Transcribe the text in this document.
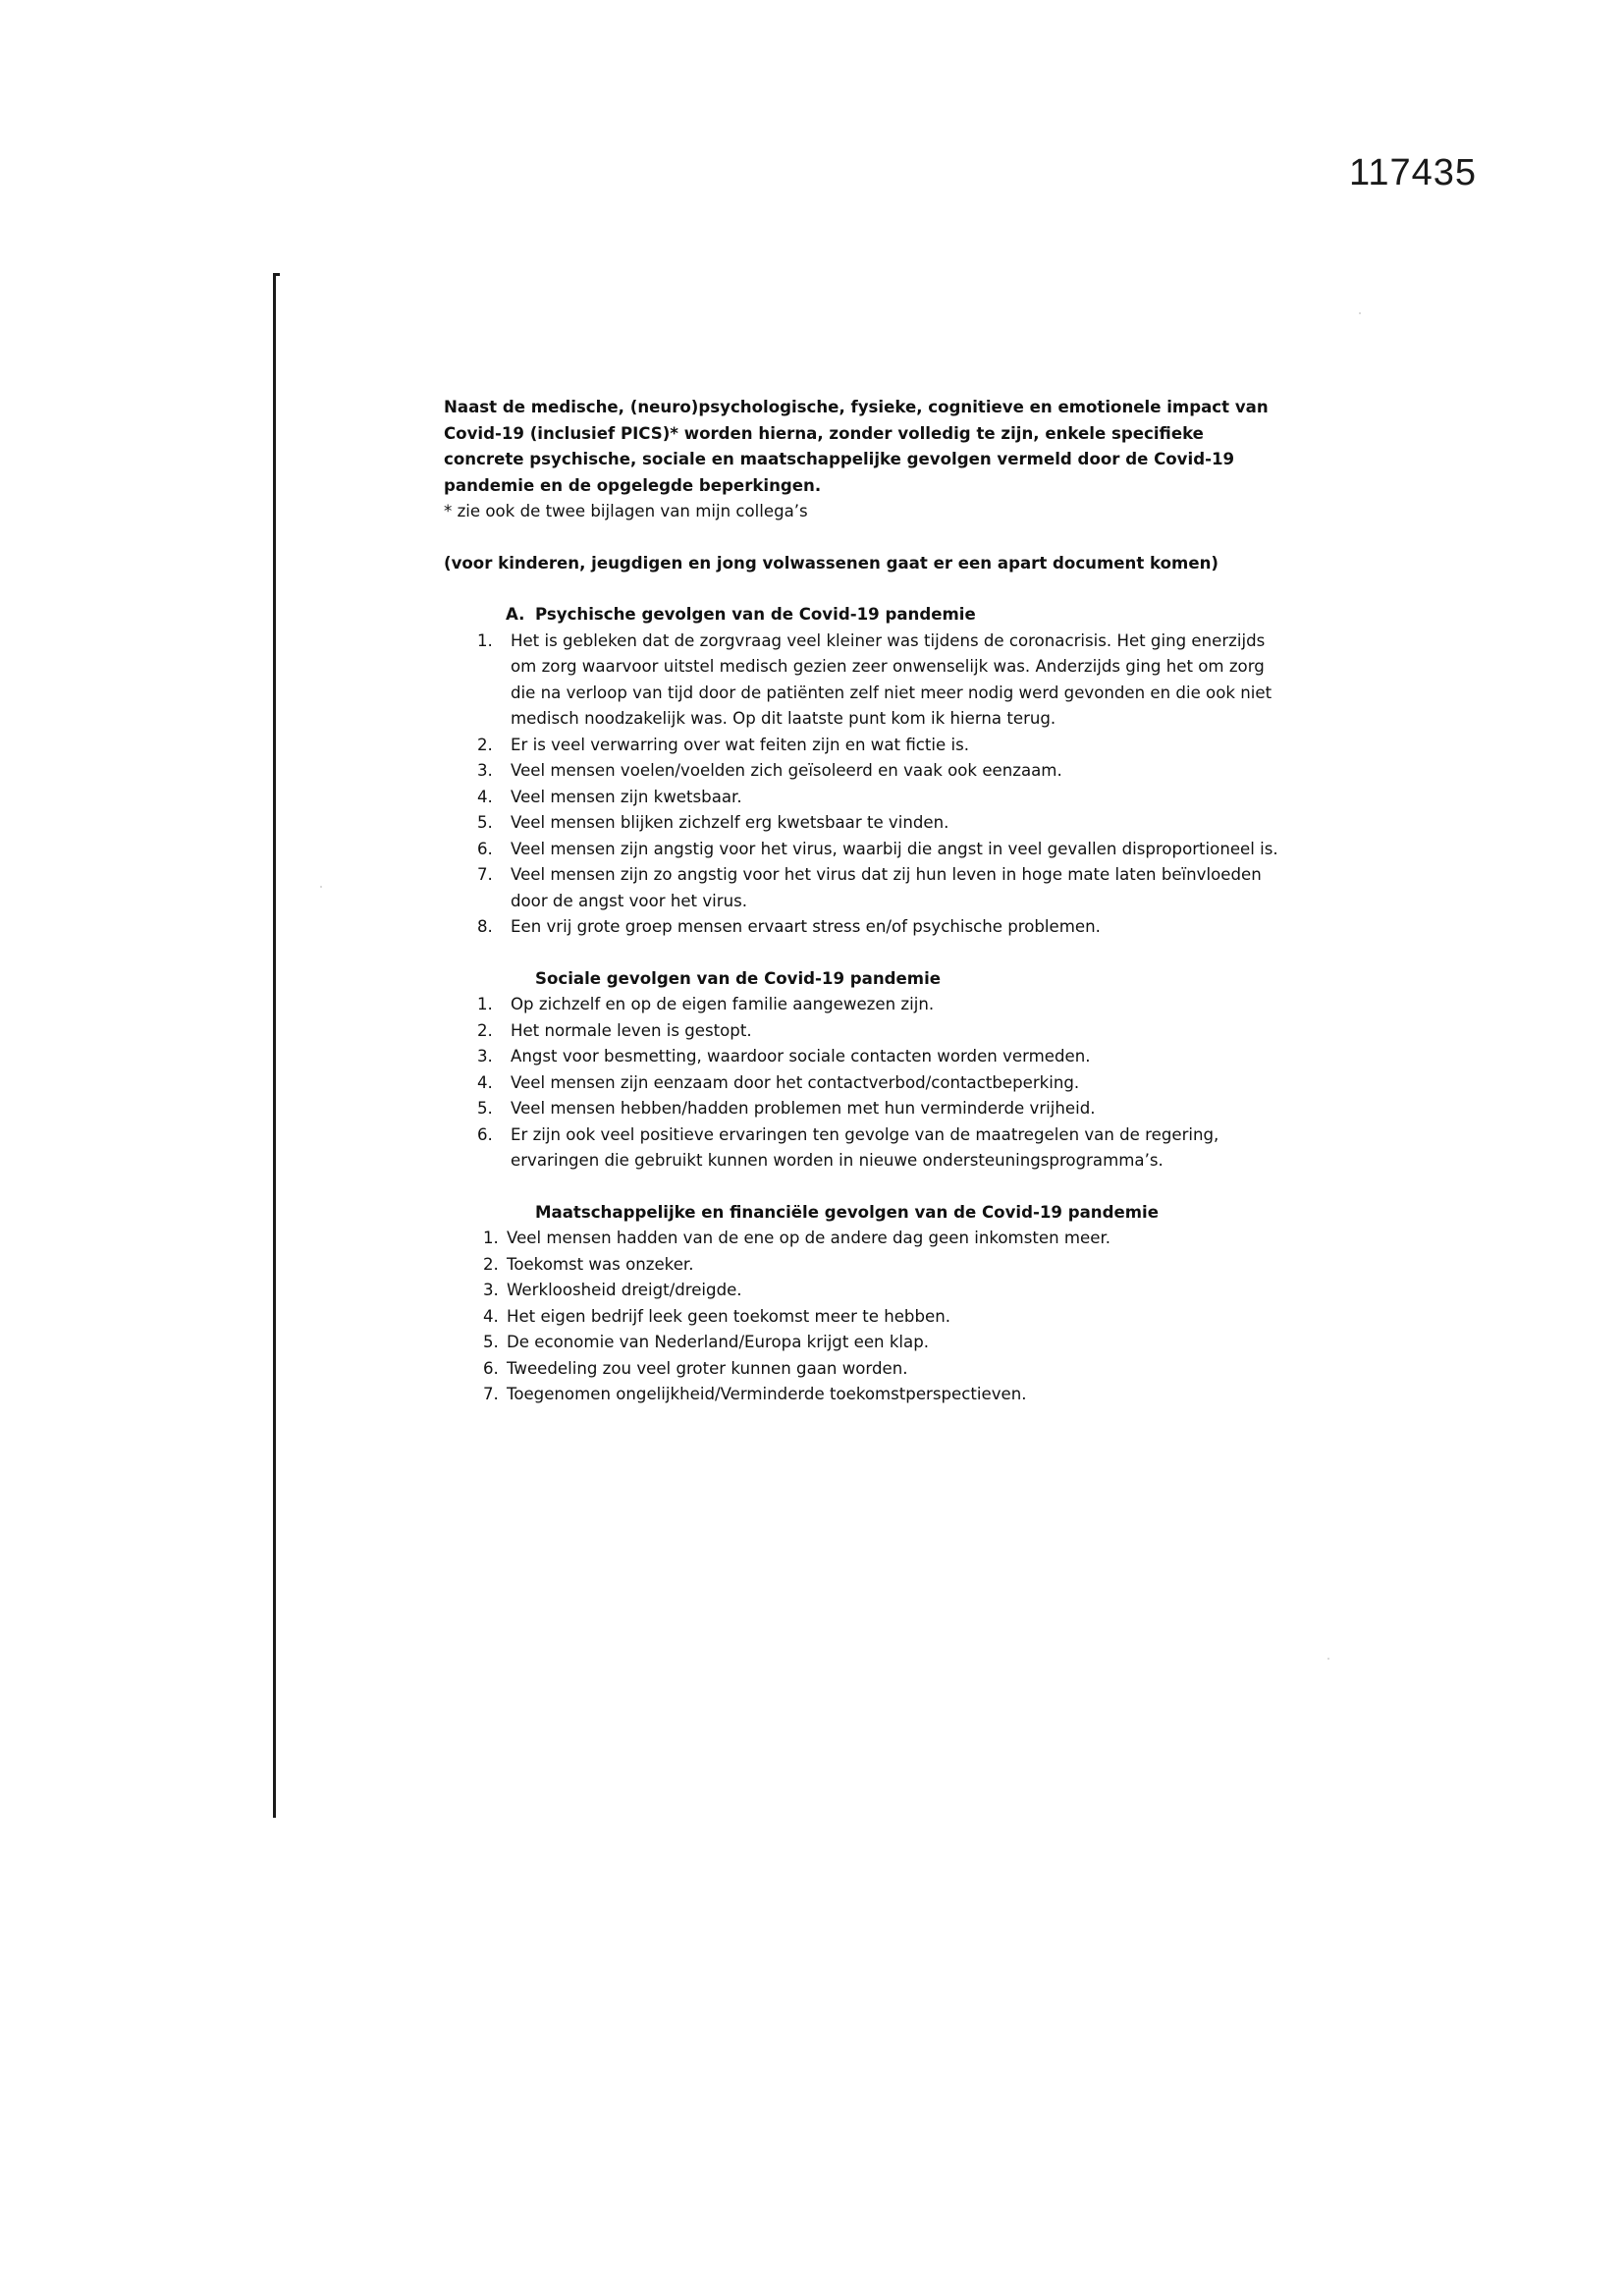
117435

Naast de medische, (neuro)psychologische, fysieke, cognitieve en emotionele impact van Covid-19 (inclusief PICS)* worden hierna, zonder volledig te zijn, enkele specifieke concrete psychische, sociale en maatschappelijke gevolgen vermeld door de Covid-19 pandemie en de opgelegde beperkingen.

* zie ook de twee bijlagen van mijn collega’s

(voor kinderen, jeugdigen en jong volwassenen gaat er een apart document komen)

A. Psychische gevolgen van de Covid-19 pandemie
1. Het is gebleken dat de zorgvraag veel kleiner was tijdens de coronacrisis. Het ging enerzijds om zorg waarvoor uitstel medisch gezien zeer onwenselijk was. Anderzijds ging het om zorg die na verloop van tijd door de patiënten zelf niet meer nodig werd gevonden en die ook niet medisch noodzakelijk was. Op dit laatste punt kom ik hierna terug.
2. Er is veel verwarring over wat feiten zijn en wat fictie is.
3. Veel mensen voelen/voelden zich geïsoleerd en vaak ook eenzaam.
4. Veel mensen zijn kwetsbaar.
5. Veel mensen blijken zichzelf erg kwetsbaar te vinden.
6. Veel mensen zijn angstig voor het virus, waarbij die angst in veel gevallen disproportioneel is.
7. Veel mensen zijn zo angstig voor het virus dat zij hun leven in hoge mate laten beïnvloeden door de angst voor het virus.
8. Een vrij grote groep mensen ervaart stress en/of psychische problemen.
Sociale gevolgen van de Covid-19 pandemie
1. Op zichzelf en op de eigen familie aangewezen zijn.
2. Het normale leven is gestopt.
3. Angst voor besmetting, waardoor sociale contacten worden vermeden.
4. Veel mensen zijn eenzaam door het contactverbod/contactbeperking.
5. Veel mensen hebben/hadden problemen met hun verminderde vrijheid.
6. Er zijn ook veel positieve ervaringen ten gevolge van de maatregelen van de regering, ervaringen die gebruikt kunnen worden in nieuwe ondersteuningsprogramma’s.
Maatschappelijke en financiële gevolgen van de Covid-19 pandemie
1. Veel mensen hadden van de ene op de andere dag geen inkomsten meer.
2. Toekomst was onzeker.
3. Werkloosheid dreigt/dreigde.
4. Het eigen bedrijf leek geen toekomst meer te hebben.
5. De economie van Nederland/Europa krijgt een klap.
6. Tweedeling zou veel groter kunnen gaan worden.
7. Toegenomen ongelijkheid/Verminderde toekomstperspectieven.
